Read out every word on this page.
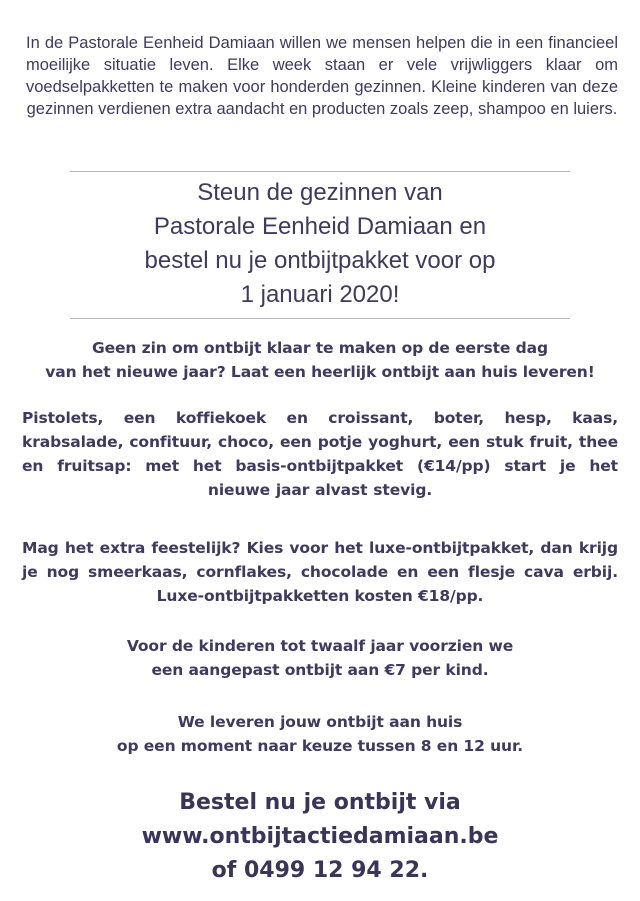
In de Pastorale Eenheid Damiaan willen we mensen helpen die in een financieel moeilijke situatie leven. Elke week staan er vele vrijwliggers klaar om voedselpakketten te maken voor honderden gezinnen. Kleine kinderen van deze gezinnen verdienen extra aandacht en producten zoals zeep, shampoo en luiers.

Steun de gezinnen van
Pastorale Eenheid Damiaan en
bestel nu je ontbijtpakket voor op
1 januari 2020!
Geen zin om ontbijt klaar te maken op de eerste dag
van het nieuwe jaar? Laat een heerlijk ontbijt aan huis leveren!

Pistolets, een koffiekoek en croissant, boter, hesp, kaas, krabsalade, confituur, choco, een potje yoghurt, een stuk fruit, thee en fruitsap: met het basis-ontbijtpakket (€14/pp) start je het nieuwe jaar alvast stevig.

Mag het extra feestelijk? Kies voor het luxe-ontbijtpakket, dan krijg je nog smeerkaas, cornflakes, chocolade en een flesje cava erbij. Luxe-ontbijtpakketten kosten €18/pp.

Voor de kinderen tot twaalf jaar voorzien we
een aangepast ontbijt aan €7 per kind.
We leveren jouw ontbijt aan huis
op een moment naar keuze tussen 8 en 12 uur.
Bestel nu je ontbijt via
www.ontbijtactiedamiaan.be
of 0499 12 94 22.
